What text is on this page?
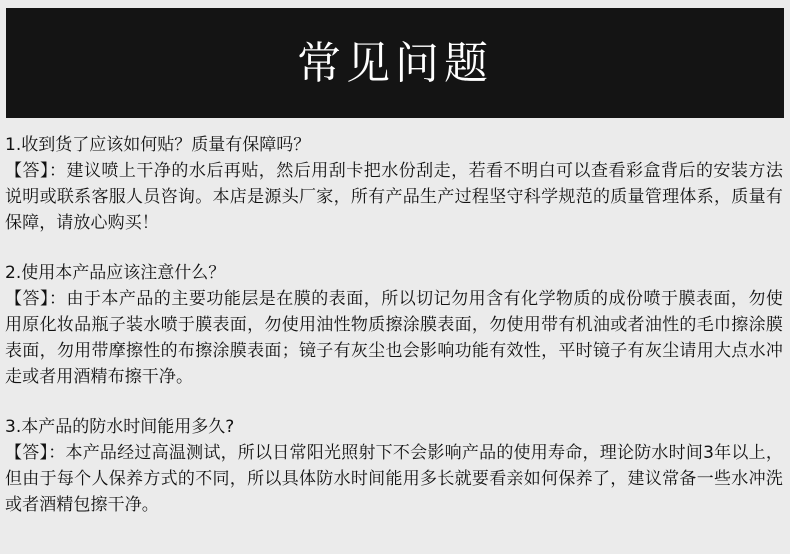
常见问题

1.收到货了应该如何贴？质量有保障吗？

【答】：建议喷上干净的水后再贴，然后用刮卡把水份刮走，若看不明白可以查看彩盒背后的安装方法说明或联系客服人员咨询。本店是源头厂家，所有产品生产过程坚守科学规范的质量管理体系，质量有保障，请放心购买！

2.使用本产品应该注意什么？

【答】：由于本产品的主要功能层是在膜的表面，所以切记勿用含有化学物质的成份喷于膜表面，勿使用原化妆品瓶子装水喷于膜表面，勿使用油性物质擦涂膜表面，勿使用带有机油或者油性的毛巾擦涂膜表面，勿用带摩擦性的布擦涂膜表面；镜子有灰尘也会影响功能有效性，平时镜子有灰尘请用大点水冲走或者用酒精布擦干净。

3.本产品的防水时间能用多久?

【答】：本产品经过高温测试，所以日常阳光照射下不会影响产品的使用寿命，理论防水时间3年以上，但由于每个人保养方式的不同，所以具体防水时间能用多长就要看亲如何保养了，建议常备一些水冲洗或者酒精包擦干净。
